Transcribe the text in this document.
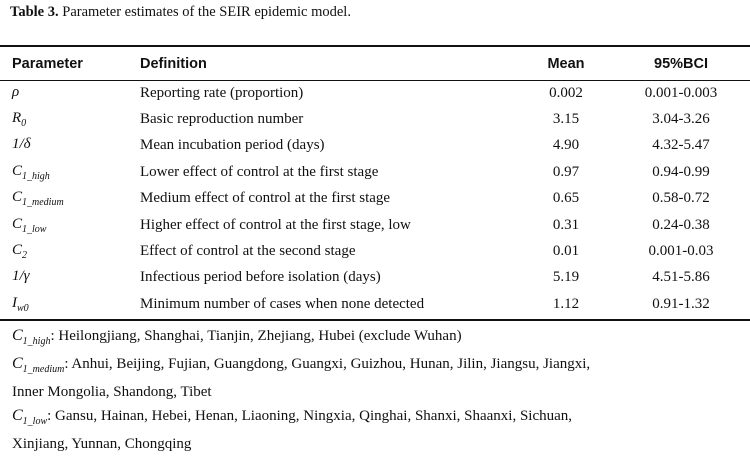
Table 3. Parameter estimates of the SEIR epidemic model.
Parameter	Definition	Mean	95%BCI
ρ	Reporting rate (proportion)	0.002	0.001-0.003
$R_0$	Basic reproduction number	3.15	3.04-3.26
1/δ	Mean incubation period (days)	4.90	4.32-5.47
$C_{1\_high}$	Lower effect of control at the first stage	0.97	0.94-0.99
$C_{1\_medium}$	Medium effect of control at the first stage	0.65	0.58-0.72
$C_{1\_low}$	Higher effect of control at the first stage, low	0.31	0.24-0.38
$C_2$	Effect of control at the second stage	0.01	0.001-0.03
1/γ	Infectious period before isolation (days)	5.19	4.51-5.86
$I_{w0}$	Minimum number of cases when none detected	1.12	0.91-1.32
$C_{1\_high}$: Heilongjiang, Shanghai, Tianjin, Zhejiang, Hubei (exclude Wuhan)
$C_{1\_medium}$: Anhui, Beijing, Fujian, Guangdong, Guangxi, Guizhou, Hunan, Jilin, Jiangsu, Jiangxi,
Inner Mongolia, Shandong, Tibet
$C_{1\_low}$: Gansu, Hainan, Hebei, Henan, Liaoning, Ningxia, Qinghai, Shanxi, Shaanxi, Sichuan,
Xinjiang, Yunnan, Chongqing
